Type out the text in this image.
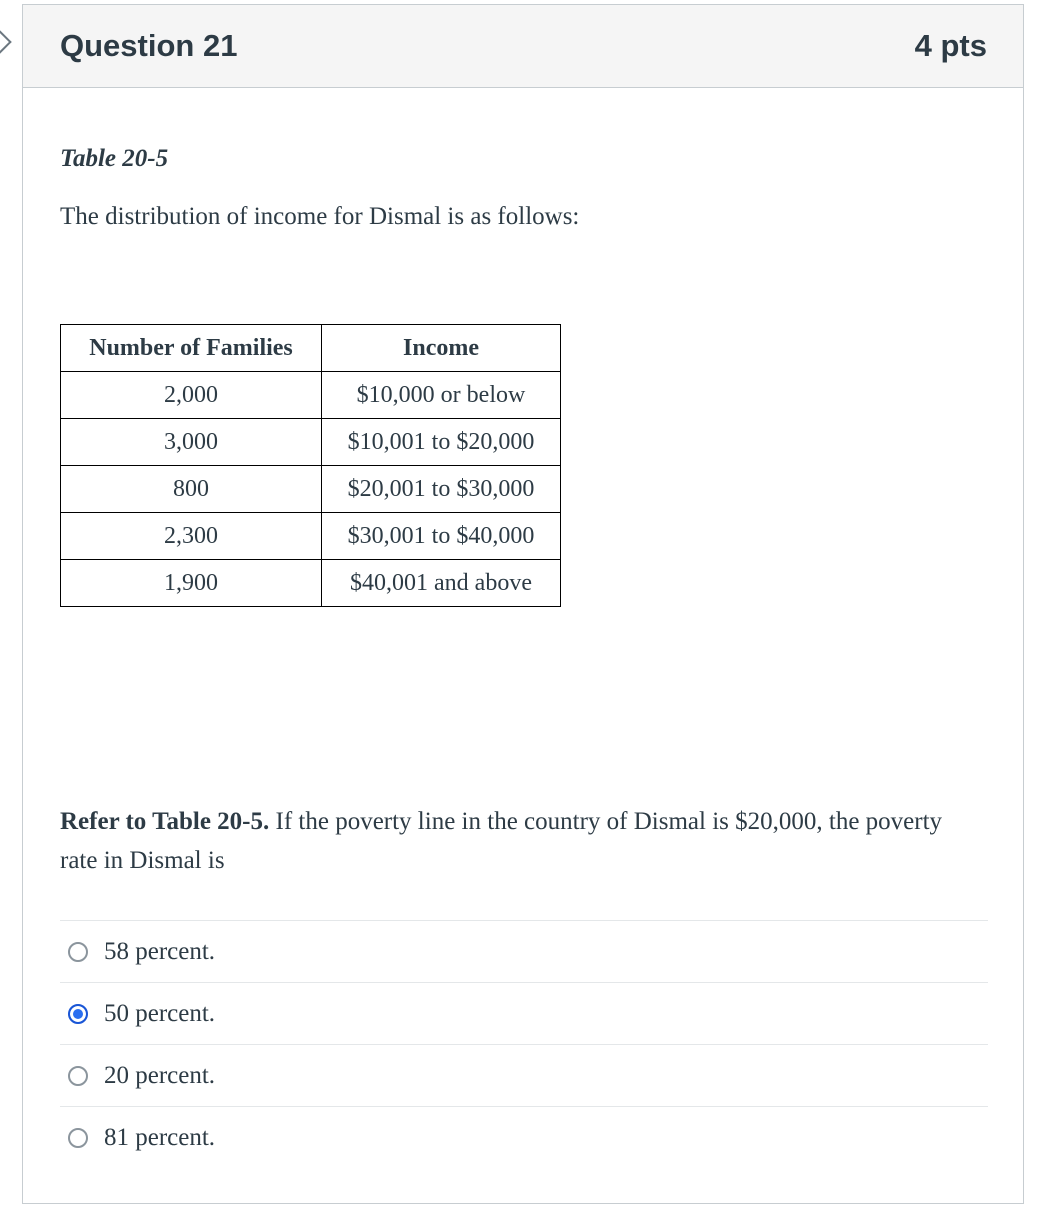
Question 21	4 pts

Table 20-5

The distribution of income for Dismal is as follows:

Number of Families	Income
2,000	$10,000 or below
3,000	$10,001 to $20,000
800	$20,001 to $30,000
2,300	$30,001 to $40,000
1,900	$40,001 and above

Refer to Table 20-5. If the poverty line in the country of Dismal is $20,000, the poverty rate in Dismal is

58 percent.
50 percent.
20 percent.
81 percent.
